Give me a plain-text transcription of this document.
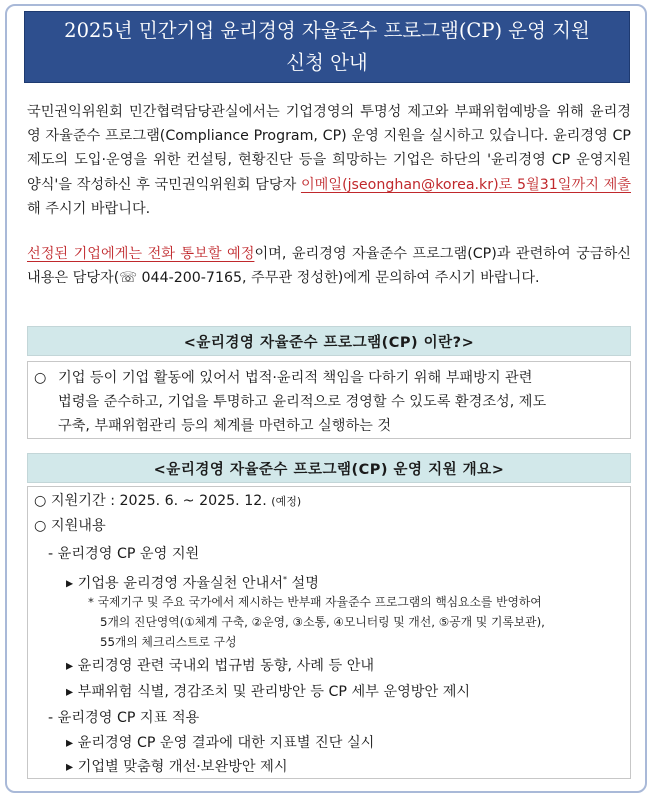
2025년 민간기업 윤리경영 자율준수 프로그램(CP) 운영 지원
신청 안내

국민권익위원회 민간협력담당관실에서는 기업경영의 투명성 제고와 부패위험예방을 위해 윤리경영 자율준수 프로그램(Compliance Program, CP) 운영 지원을 실시하고 있습니다. 윤리경영 CP 제도의 도입·운영을 위한 컨설팅, 현황진단 등을 희망하는 기업은 하단의 '윤리경영 CP 운영지원 양식'을 작성하신 후 국민권익위원회 담당자 이메일(jseonghan@korea.kr)로 5월31일까지 제출해 주시기 바랍니다.

선정된 기업에게는 전화 통보할 예정이며, 윤리경영 자율준수 프로그램(CP)과 관련하여 궁금하신 내용은 담당자(☏ 044-200-7165, 주무관 정성한)에게 문의하여 주시기 바랍니다.

<윤리경영 자율준수 프로그램(CP) 이란?>
○ 기업 등이 기업 활동에 있어서 법적·윤리적 책임을 다하기 위해 부패방지 관련
법령을 준수하고, 기업을 투명하고 윤리적으로 경영할 수 있도록 환경조성, 제도
구축, 부패위험관리 등의 체계를 마련하고 실행하는 것
<윤리경영 자율준수 프로그램(CP) 운영 지원 개요>
○ 지원기간 : 2025. 6. ~ 2025. 12. (예정)
○ 지원내용
- 윤리경영 CP 운영 지원
▸ 기업용 윤리경영 자율실천 안내서* 설명
* 국제기구 및 주요 국가에서 제시하는 반부패 자율준수 프로그램의 핵심요소를 반영하여
5개의 진단영역(①체계 구축, ②운영, ③소통, ④모니터링 및 개선, ⑤공개 및 기록보관),
55개의 체크리스트로 구성
▸ 윤리경영 관련 국내외 법규범 동향, 사례 등 안내
▸ 부패위험 식별, 경감조치 및 관리방안 등 CP 세부 운영방안 제시
- 윤리경영 CP 지표 적용
▸ 윤리경영 CP 운영 결과에 대한 지표별 진단 실시
▸ 기업별 맞춤형 개선·보완방안 제시
